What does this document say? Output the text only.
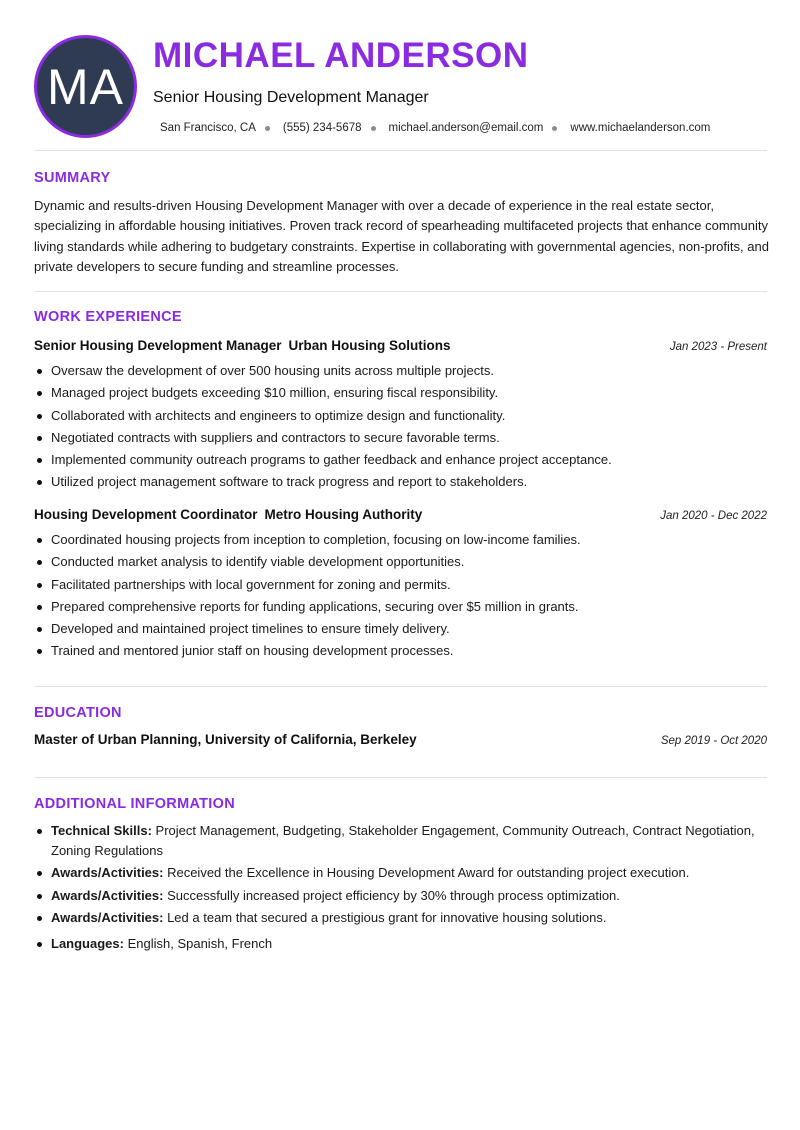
MA
MICHAEL ANDERSON
Senior Housing Development Manager
San Francisco, CA (555) 234-5678 michael.anderson@email.com www.michaelanderson.com
SUMMARY
Dynamic and results-driven Housing Development Manager with over a decade of experience in the real estate sector, specializing in affordable housing initiatives. Proven track record of spearheading multifaceted projects that enhance community living standards while adhering to budgetary constraints. Expertise in collaborating with governmental agencies, non-profits, and private developers to secure funding and streamline processes.
WORK EXPERIENCE
Senior Housing Development Manager Urban Housing Solutions	Jan 2023 - Present
Oversaw the development of over 500 housing units across multiple projects.
Managed project budgets exceeding $10 million, ensuring fiscal responsibility.
Collaborated with architects and engineers to optimize design and functionality.
Negotiated contracts with suppliers and contractors to secure favorable terms.
Implemented community outreach programs to gather feedback and enhance project acceptance.
Utilized project management software to track progress and report to stakeholders.
Housing Development Coordinator Metro Housing Authority	Jan 2020 - Dec 2022
Coordinated housing projects from inception to completion, focusing on low-income families.
Conducted market analysis to identify viable development opportunities.
Facilitated partnerships with local government for zoning and permits.
Prepared comprehensive reports for funding applications, securing over $5 million in grants.
Developed and maintained project timelines to ensure timely delivery.
Trained and mentored junior staff on housing development processes.
EDUCATION
Master of Urban Planning, University of California, Berkeley	Sep 2019 - Oct 2020
ADDITIONAL INFORMATION
Technical Skills: Project Management, Budgeting, Stakeholder Engagement, Community Outreach, Contract Negotiation, Zoning Regulations
Awards/Activities: Received the Excellence in Housing Development Award for outstanding project execution.
Awards/Activities: Successfully increased project efficiency by 30% through process optimization.
Awards/Activities: Led a team that secured a prestigious grant for innovative housing solutions.
Languages: English, Spanish, French
